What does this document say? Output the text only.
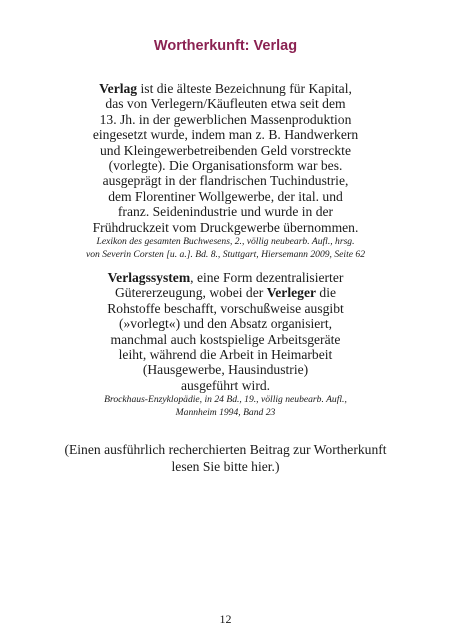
Wortherkunft: Verlag
Verlag ist die älteste Bezeichnung für Kapital,
das von Verlegern/Käufleuten etwa seit dem
13. Jh. in der gewerblichen Massenproduktion
eingesetzt wurde, indem man z. B. Handwerkern
und Kleingewerbetreibenden Geld vorstreckte
(vorlegte). Die Organisationsform war bes.
ausgeprägt in der flandrischen Tuchindustrie,
dem Florentiner Wollgewerbe, der ital. und
franz. Seidenindustrie und wurde in der
Frühdruckzeit vom Druckgewerbe übernommen.
Lexikon des gesamten Buchwesens, 2., völlig neubearb. Aufl., hrsg.
von Severin Corsten [u. a.]. Bd. 8., Stuttgart, Hiersemann 2009, Seite 62
Verlagssystem, eine Form dezentralisierter
Gütererzeugung, wobei der Verleger die
Rohstoffe beschafft, vorschußweise ausgibt
(»vorlegt«) und den Absatz organisiert,
manchmal auch kostspielige Arbeitsgeräte
leiht, während die Arbeit in Heimarbeit
(Hausgewerbe, Hausindustrie)
ausgeführt wird.
Brockhaus-Enzyklopädie, in 24 Bd., 19., völlig neubearb. Aufl.,
Mannheim 1994, Band 23
(Einen ausführlich recherchierten Beitrag zur Wortherkunft
lesen Sie bitte hier.)
12
